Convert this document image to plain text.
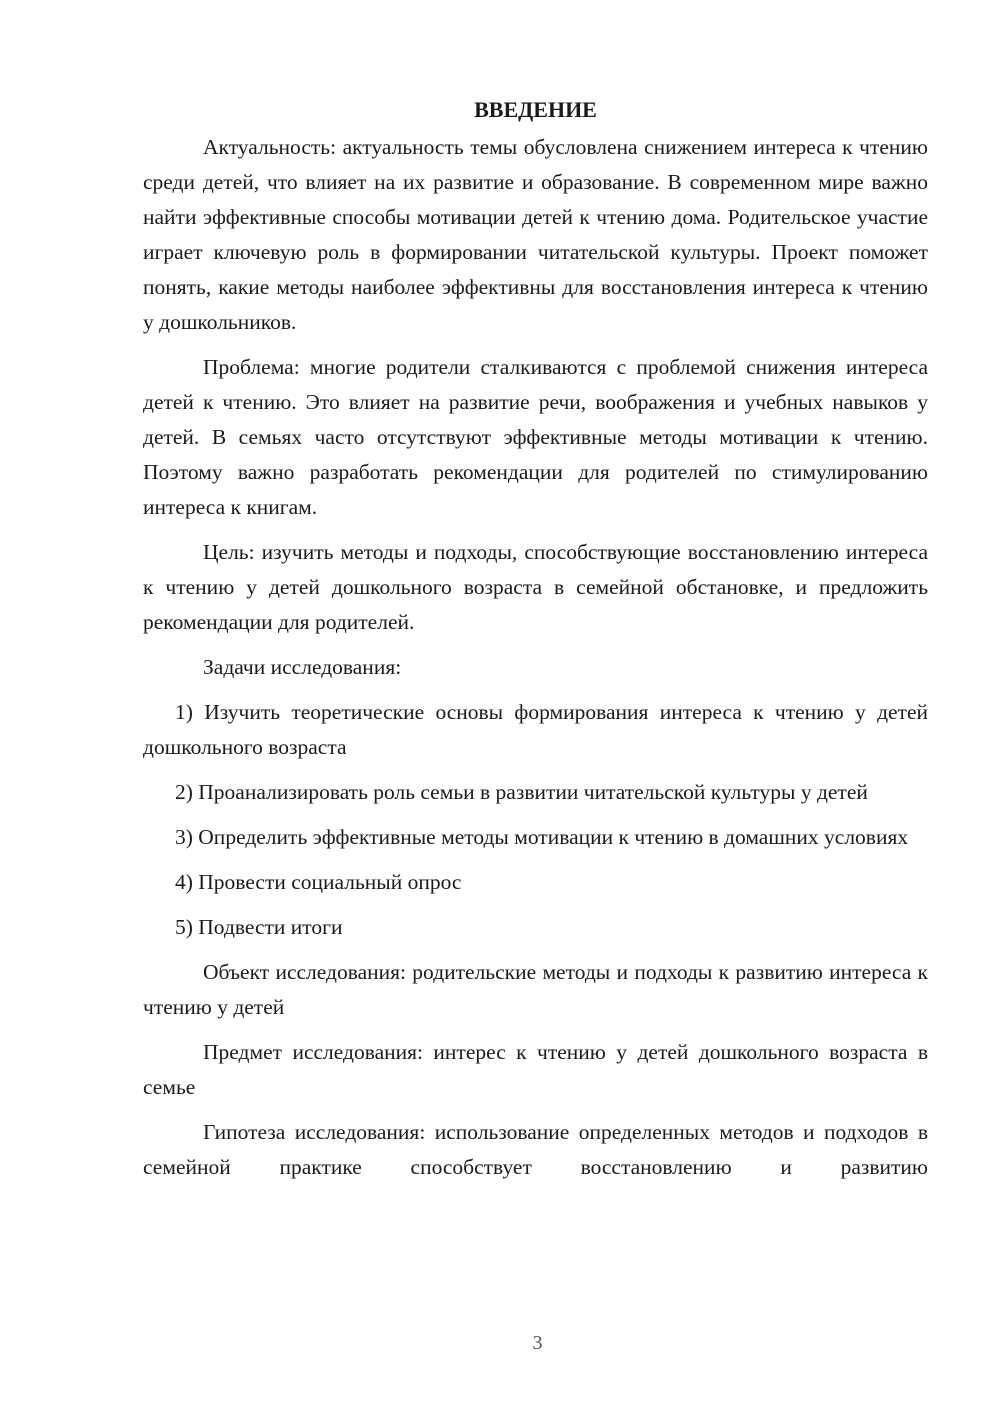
ВВЕДЕНИЕ

Актуальность: актуальность темы обусловлена снижением интереса к чтению среди детей, что влияет на их развитие и образование. В современном мире важно найти эффективные способы мотивации детей к чтению дома. Родительское участие играет ключевую роль в формировании читательской культуры. Проект поможет понять, какие методы наиболее эффективны для восстановления интереса к чтению у дошкольников.

Проблема: многие родители сталкиваются с проблемой снижения интереса детей к чтению. Это влияет на развитие речи, воображения и учебных навыков у детей. В семьях часто отсутствуют эффективные методы мотивации к чтению. Поэтому важно разработать рекомендации для родителей по стимулированию интереса к книгам.

Цель: изучить методы и подходы, способствующие восстановлению интереса к чтению у детей дошкольного возраста в семейной обстановке, и предложить рекомендации для родителей.

Задачи исследования:

1) Изучить теоретические основы формирования интереса к чтению у детей дошкольного возраста

2) Проанализировать роль семьи в развитии читательской культуры у детей

3) Определить эффективные методы мотивации к чтению в домашних условиях

4) Провести социальный опрос

5) Подвести итоги

Объект исследования: родительские методы и подходы к развитию интереса к чтению у детей

Предмет исследования: интерес к чтению у детей дошкольного возраста в семье

Гипотеза исследования: использование определенных методов и подходов в семейной практике способствует восстановлению и развитию

3
